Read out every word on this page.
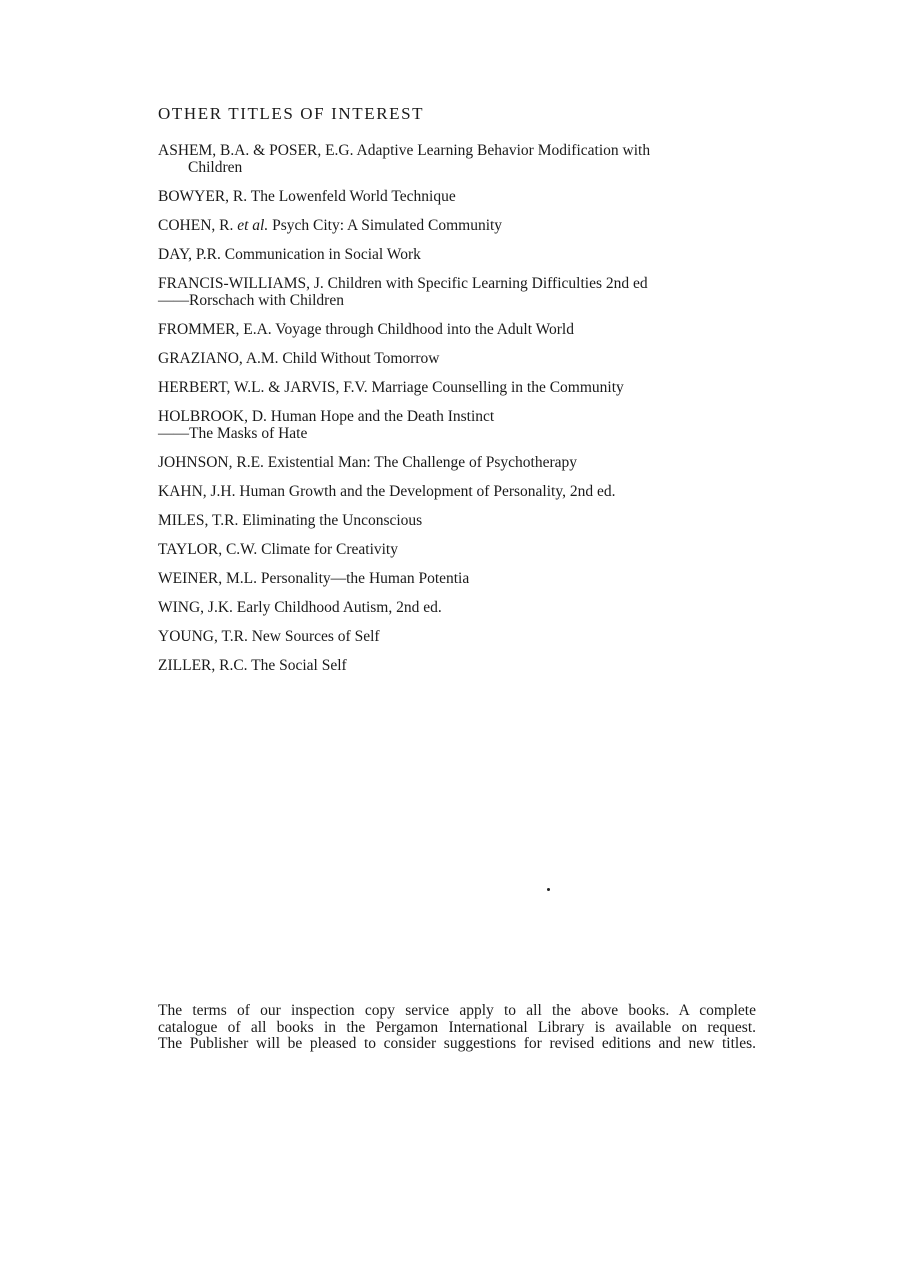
OTHER TITLES OF INTEREST
ASHEM, B.A. & POSER, E.G. Adaptive Learning Behavior Modification with
Children
BOWYER, R. The Lowenfeld World Technique
COHEN, R. et al. Psych City: A Simulated Community
DAY, P.R. Communication in Social Work
FRANCIS-WILLIAMS, J. Children with Specific Learning Difficulties 2nd ed
——Rorschach with Children
FROMMER, E.A. Voyage through Childhood into the Adult World
GRAZIANO, A.M. Child Without Tomorrow
HERBERT, W.L. & JARVIS, F.V. Marriage Counselling in the Community
HOLBROOK, D. Human Hope and the Death Instinct
——The Masks of Hate
JOHNSON, R.E. Existential Man: The Challenge of Psychotherapy
KAHN, J.H. Human Growth and the Development of Personality, 2nd ed.
MILES, T.R. Eliminating the Unconscious
TAYLOR, C.W. Climate for Creativity
WEINER, M.L. Personality—the Human Potentia
WING, J.K. Early Childhood Autism, 2nd ed.
YOUNG, T.R. New Sources of Self
ZILLER, R.C. The Social Self
The terms of our inspection copy service apply to all the above books. A complete
catalogue of all books in the Pergamon International Library is available on request.
The Publisher will be pleased to consider suggestions for revised editions and new titles.
